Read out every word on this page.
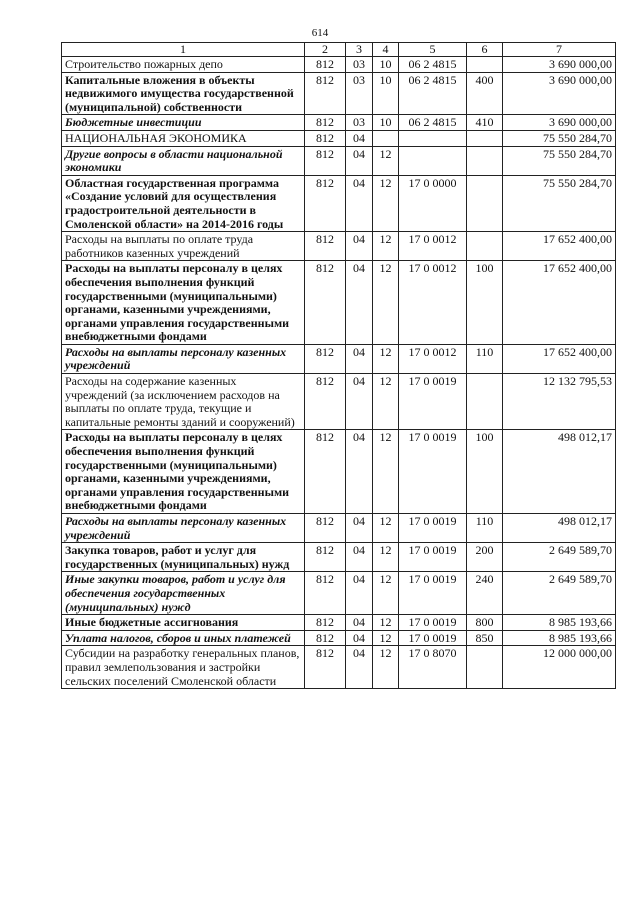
614
1	2	3	4	5	6	7
Строительство пожарных депо	812	03	10	06 2 4815		3 690 000,00
Капитальные вложения в объекты недвижимого имущества государственной (муниципальной) собственности	812	03	10	06 2 4815	400	3 690 000,00
Бюджетные инвестиции	812	03	10	06 2 4815	410	3 690 000,00
НАЦИОНАЛЬНАЯ ЭКОНОМИКА	812	04				75 550 284,70
Другие вопросы в области национальной экономики	812	04	12			75 550 284,70
Областная государственная программа «Создание условий для осуществления градостроительной деятельности в Смоленской области» на 2014-2016 годы	812	04	12	17 0 0000		75 550 284,70
Расходы на выплаты по оплате труда работников казенных учреждений	812	04	12	17 0 0012		17 652 400,00
Расходы на выплаты персоналу в целях обеспечения выполнения функций государственными (муниципальными) органами, казенными учреждениями, органами управления государственными внебюджетными фондами	812	04	12	17 0 0012	100	17 652 400,00
Расходы на выплаты персоналу казенных учреждений	812	04	12	17 0 0012	110	17 652 400,00
Расходы на содержание казенных учреждений (за исключением расходов на выплаты по оплате труда, текущие и капитальные ремонты зданий и сооружений)	812	04	12	17 0 0019		12 132 795,53
Расходы на выплаты персоналу в целях обеспечения выполнения функций государственными (муниципальными) органами, казенными учреждениями, органами управления государственными внебюджетными фондами	812	04	12	17 0 0019	100	498 012,17
Расходы на выплаты персоналу казенных учреждений	812	04	12	17 0 0019	110	498 012,17
Закупка товаров, работ и услуг для государственных (муниципальных) нужд	812	04	12	17 0 0019	200	2 649 589,70
Иные закупки товаров, работ и услуг для обеспечения государственных (муниципальных) нужд	812	04	12	17 0 0019	240	2 649 589,70
Иные бюджетные ассигнования	812	04	12	17 0 0019	800	8 985 193,66
Уплата налогов, сборов и иных платежей	812	04	12	17 0 0019	850	8 985 193,66
Субсидии на разработку генеральных планов, правил землепользования и застройки сельских поселений Смоленской области	812	04	12	17 0 8070		12 000 000,00
